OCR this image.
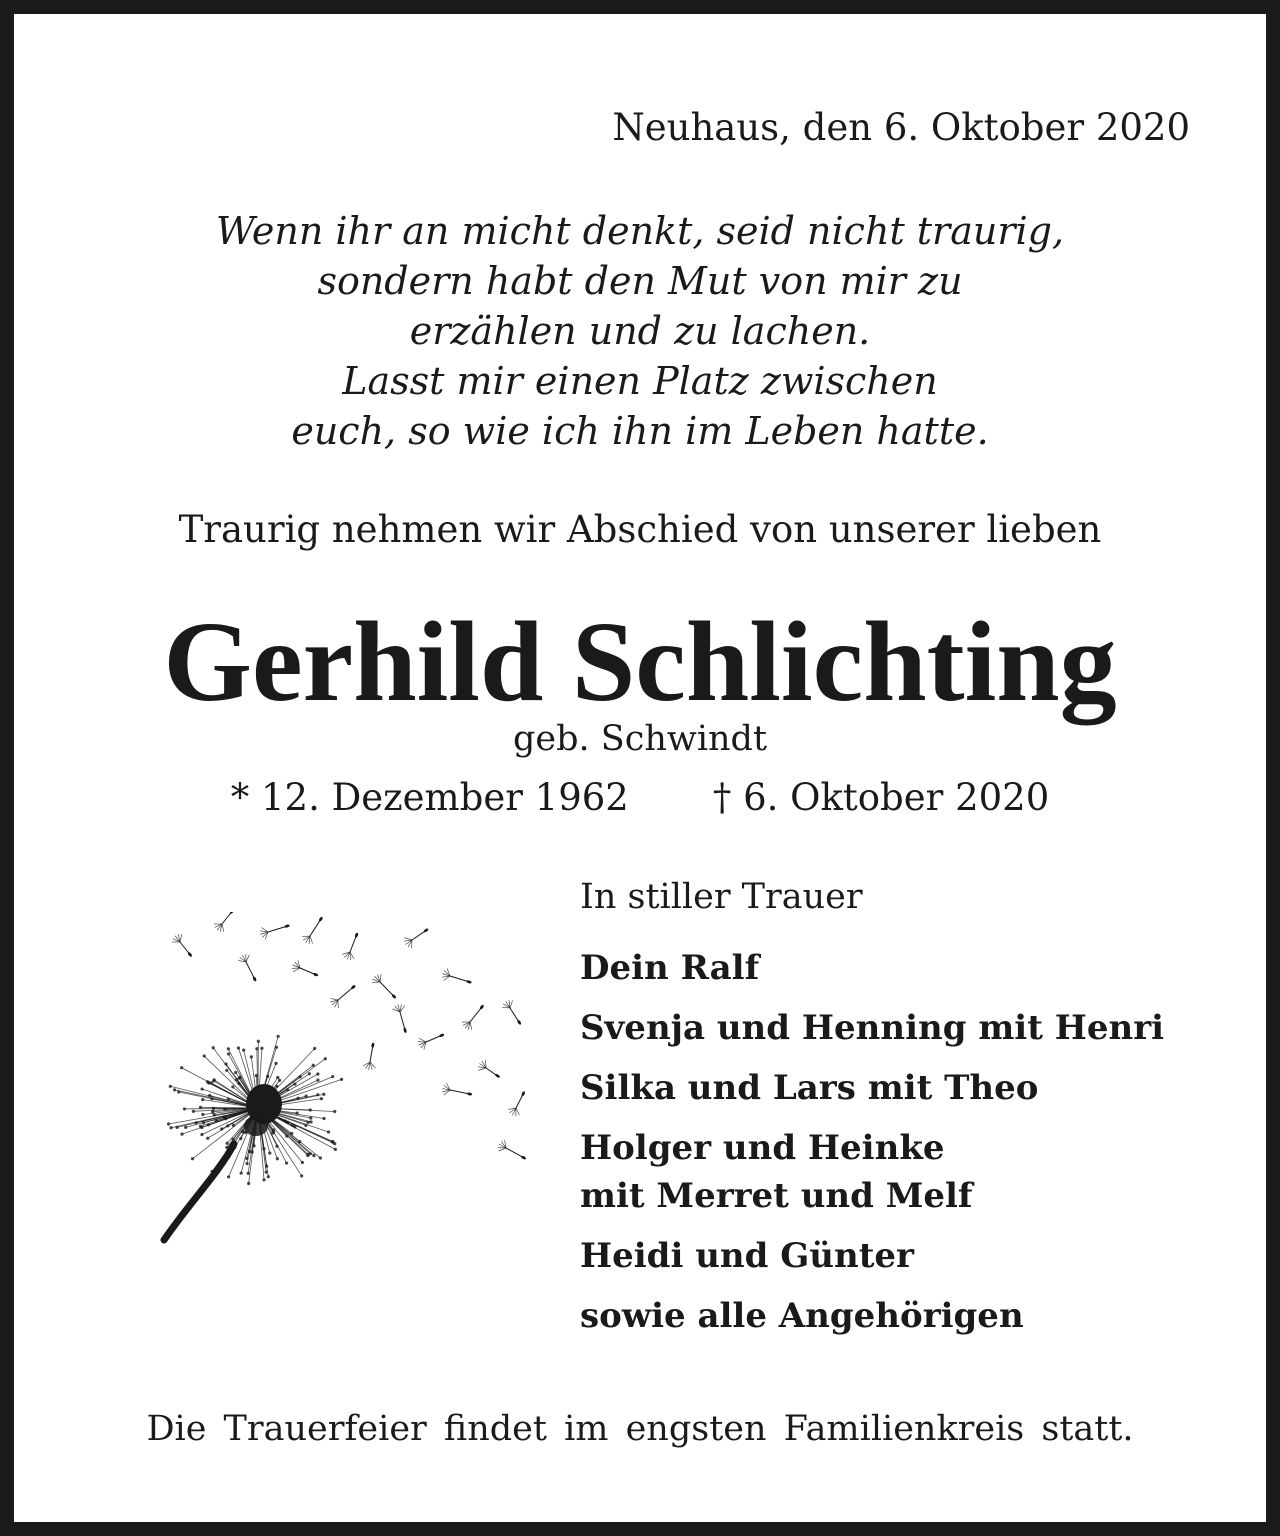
Neuhaus, den 6. Oktober 2020
Wenn ihr an micht denkt, seid nicht traurig,
sondern habt den Mut von mir zu
erzählen und zu lachen.
Lasst mir einen Platz zwischen
euch, so wie ich ihn im Leben hatte.
Traurig nehmen wir Abschied von unserer lieben
Gerhild Schlichting
geb. Schwindt
* 12. Dezember 1962 † 6. Oktober 2020
In stiller Trauer
Dein Ralf
Svenja und Henning mit Henri
Silka und Lars mit Theo
Holger und Heinke
mit Merret und Melf
Heidi und Günter
sowie alle Angehörigen
Die Trauerfeier findet im engsten Familienkreis statt.
